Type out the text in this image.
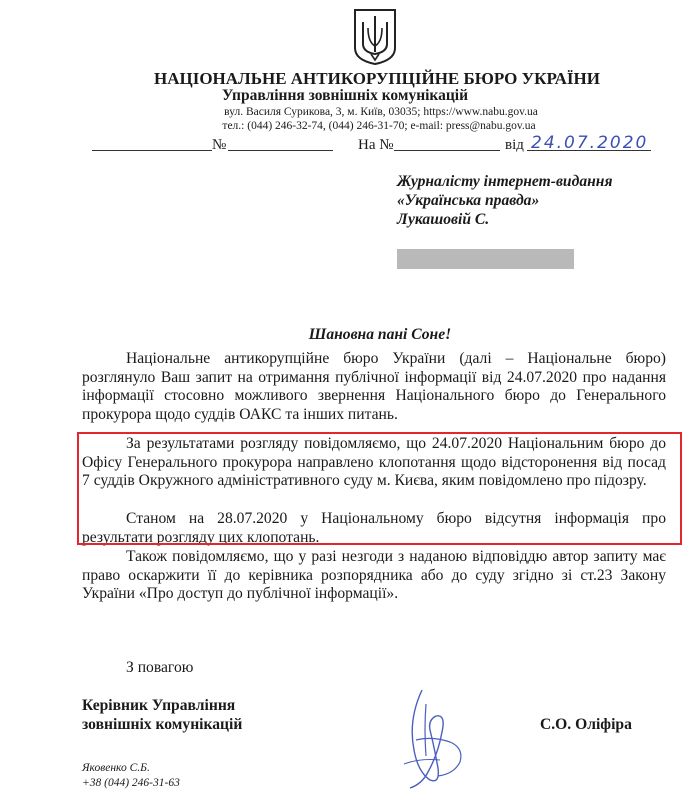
НАЦІОНАЛЬНЕ АНТИКОРУПЦІЙНЕ БЮРО УКРАЇНИ
Управління зовнішніх комунікацій
вул. Василя Сурикова, 3, м. Київ, 03035; https://www.nabu.gov.ua
тел.: (044) 246-32-74, (044) 246-31-70; e-mail: press@nabu.gov.ua
№	На №	від 24.07.2020
Журналісту інтернет-видання
«Українська правда»
Лукашовій С.
Шановна пані Соне!
Національне антикорупційне бюро України (далі – Національне бюро) розглянуло Ваш запит на отримання публічної інформації від 24.07.2020 про надання інформації стосовно можливого звернення Національного бюро до Генерального прокурора щодо суддів ОАКС та інших питань.
За результатами розгляду повідомляємо, що 24.07.2020 Національним бюро до Офісу Генерального прокурора направлено клопотання щодо відсторонення від посад 7 суддів Окружного адміністративного суду м. Києва, яким повідомлено про підозру.
Станом на 28.07.2020 у Національному бюро відсутня інформація про результати розгляду цих клопотань.
Також повідомляємо, що у разі незгоди з наданою відповіддю автор запиту має право оскаржити її до керівника розпорядника або до суду згідно зі ст.23 Закону України «Про доступ до публічної інформації».
З повагою
Керівник Управління
зовнішніх комунікацій	С.О. Оліфіра
Яковенко С.Б.
+38 (044) 246-31-63
